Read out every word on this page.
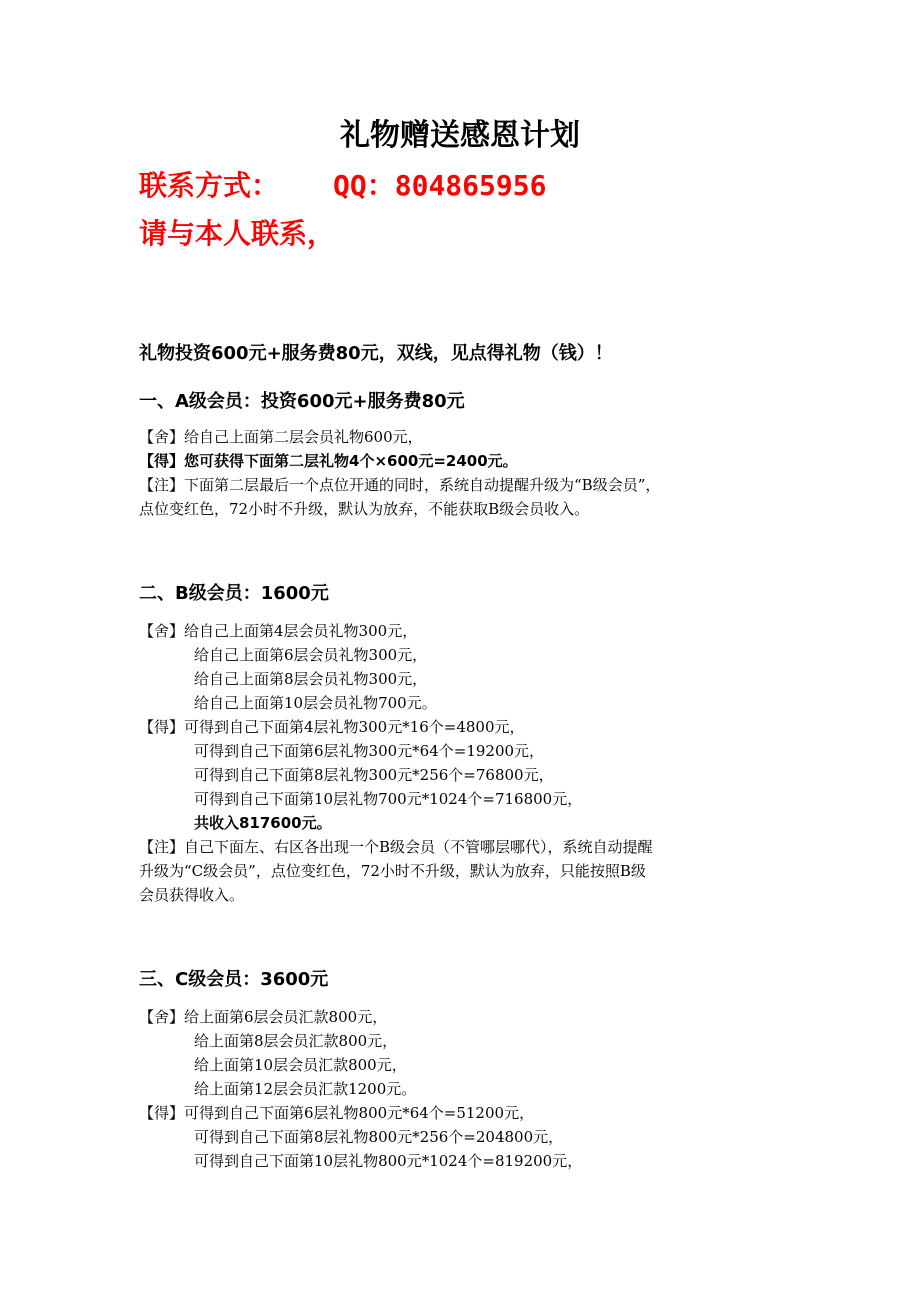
礼物赠送感恩计划
联系方式： QQ：804865956
请与本人联系，
礼物投资600元+服务费80元，双线，见点得礼物（钱）！
一、A级会员：投资600元+服务费80元
【舍】给自己上面第二层会员礼物600元，
【得】您可获得下面第二层礼物4个×600元=2400元。
【注】下面第二层最后一个点位开通的同时，系统自动提醒升级为“B级会员”，
点位变红色，72小时不升级，默认为放弃，不能获取B级会员收入。
二、B级会员：1600元
【舍】给自己上面第4层会员礼物300元，
给自己上面第6层会员礼物300元，
给自己上面第8层会员礼物300元，
给自己上面第10层会员礼物700元。
【得】可得到自己下面第4层礼物300元*16个=4800元，
可得到自己下面第6层礼物300元*64个=19200元，
可得到自己下面第8层礼物300元*256个=76800元，
可得到自己下面第10层礼物700元*1024个=716800元，
共收入817600元。
【注】自己下面左、右区各出现一个B级会员（不管哪层哪代），系统自动提醒
升级为“C级会员”，点位变红色，72小时不升级，默认为放弃，只能按照B级
会员获得收入。
三、C级会员：3600元
【舍】给上面第6层会员汇款800元，
给上面第8层会员汇款800元，
给上面第10层会员汇款800元，
给上面第12层会员汇款1200元。
【得】可得到自己下面第6层礼物800元*64个=51200元，
可得到自己下面第8层礼物800元*256个=204800元，
可得到自己下面第10层礼物800元*1024个=819200元，
